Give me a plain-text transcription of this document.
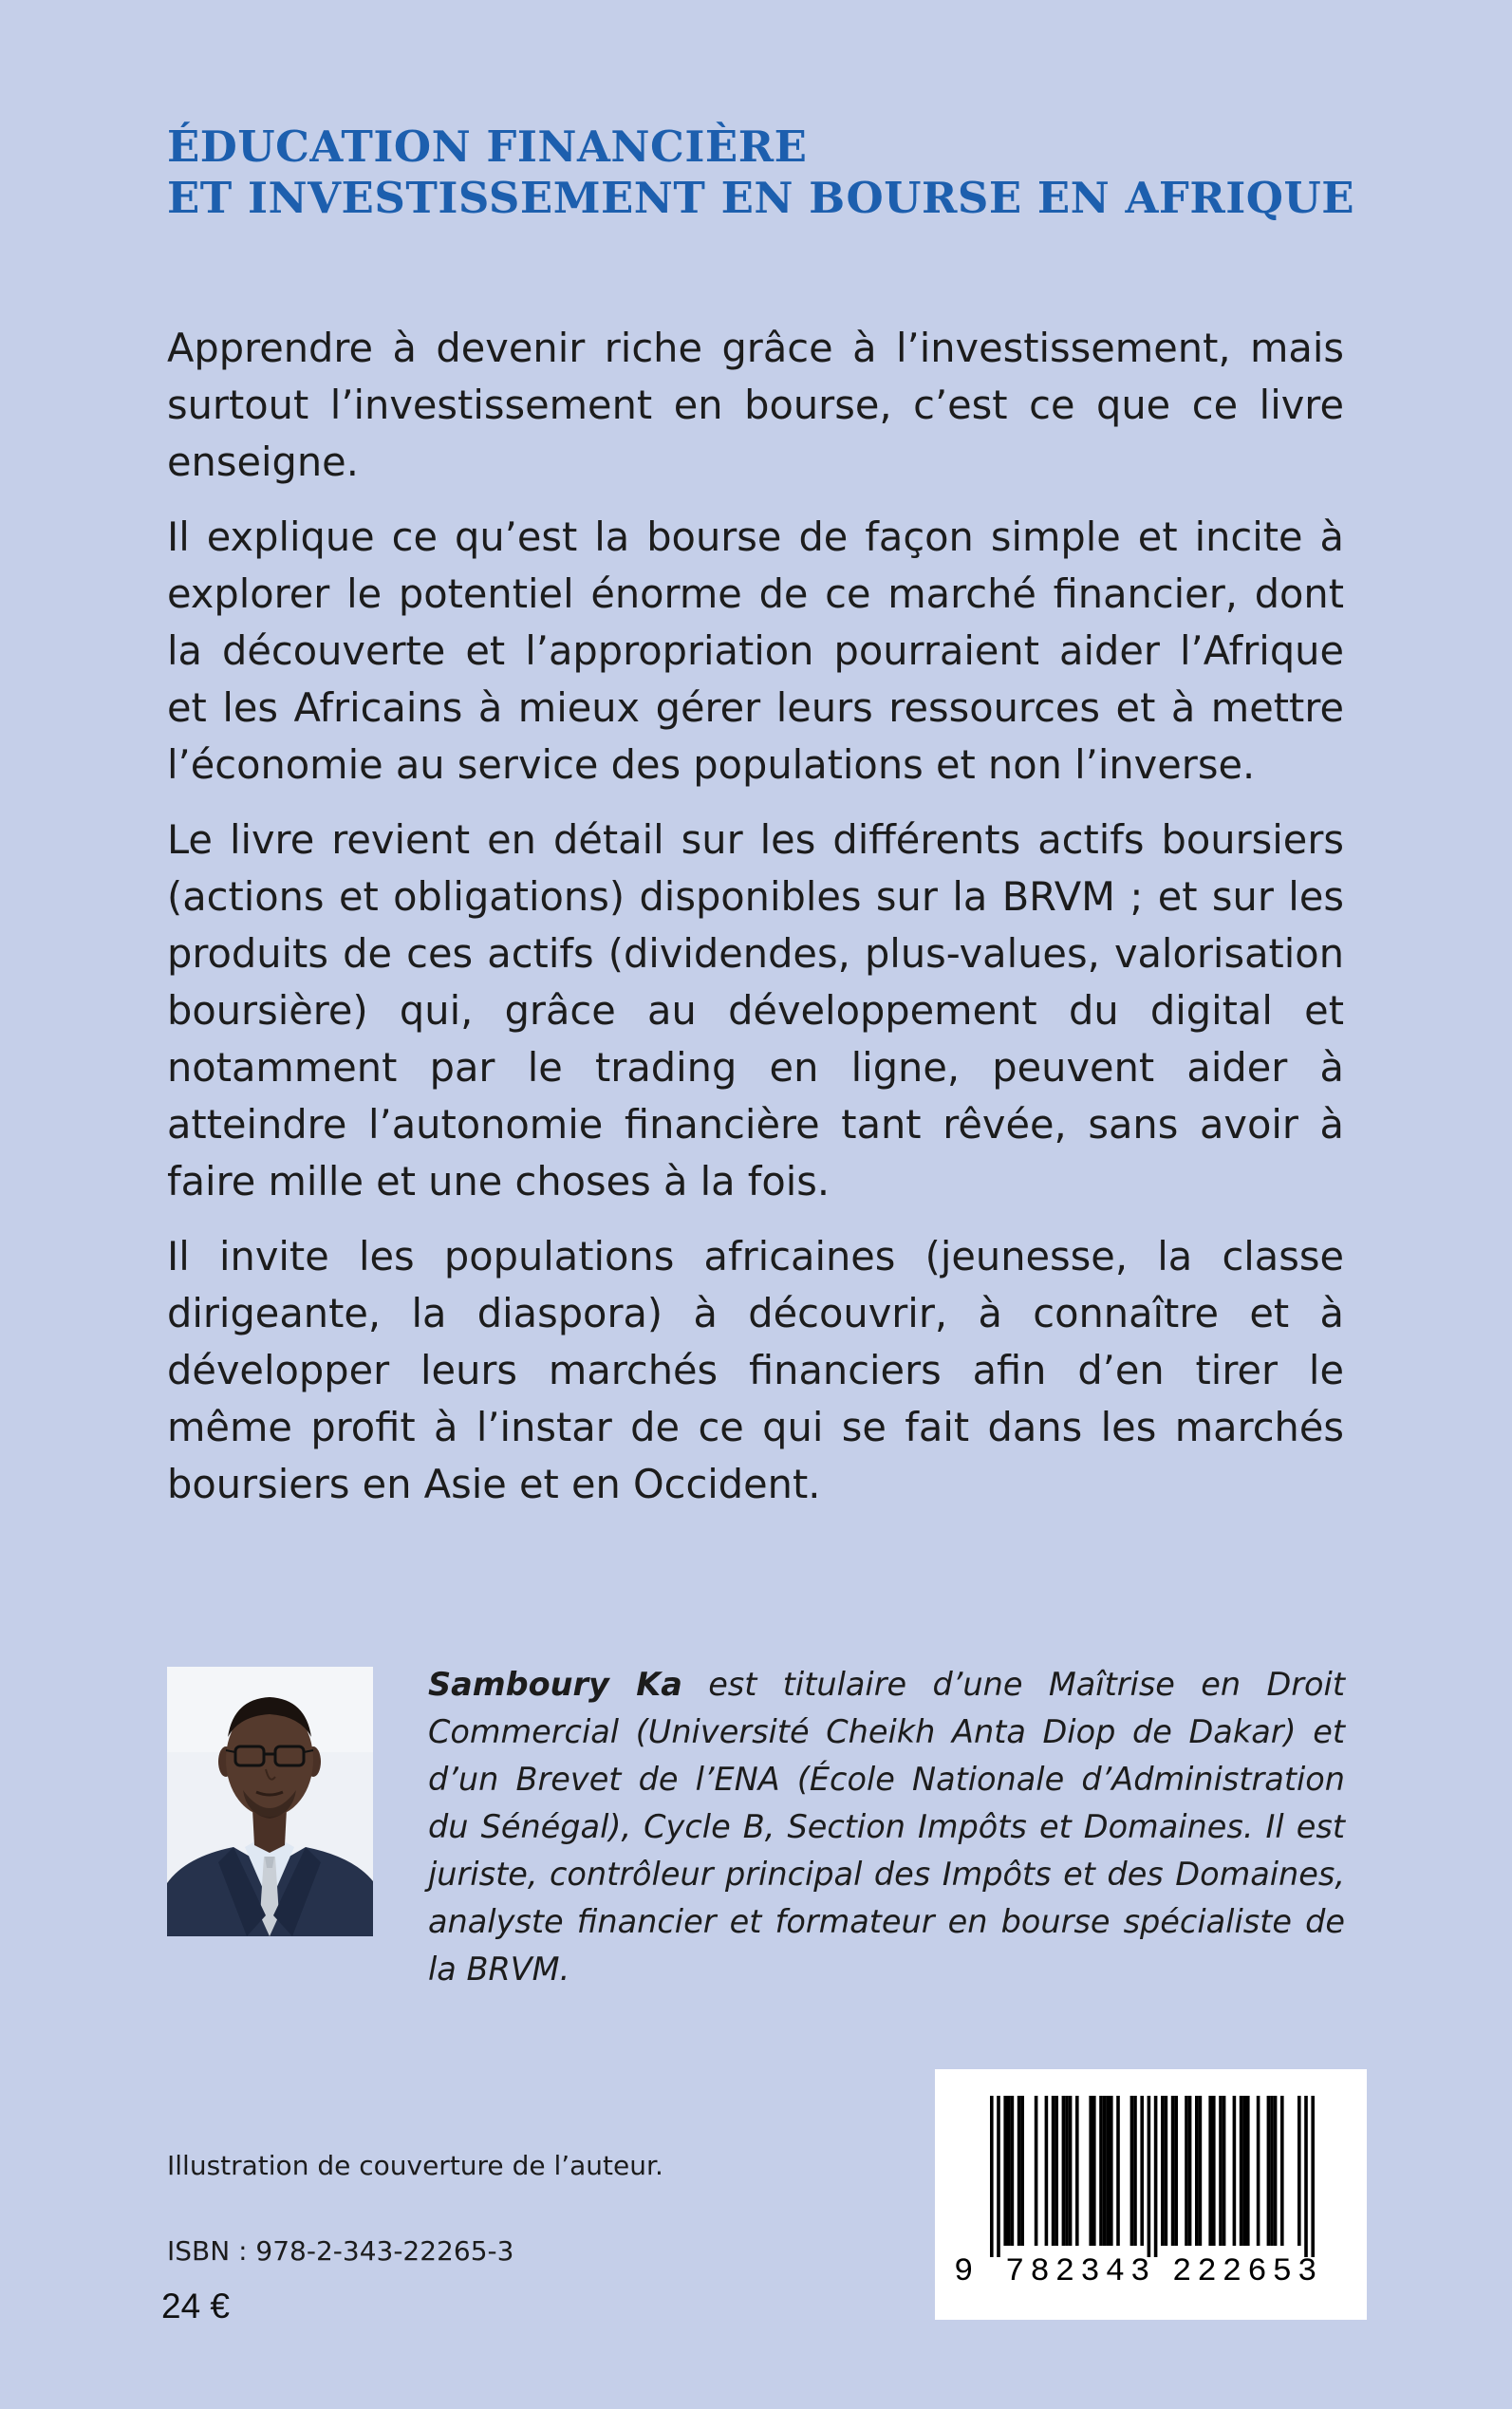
ÉDUCATION FINANCIÈRE
ET INVESTISSEMENT EN BOURSE EN AFRIQUE

Apprendre à devenir riche grâce à l’investissement, mais surtout l’investissement en bourse, c’est ce que ce livre enseigne.

Il explique ce qu’est la bourse de façon simple et incite à explorer le potentiel énorme de ce marché financier, dont la découverte et l’appropriation pourraient aider l’Afrique et les Africains à mieux gérer leurs ressources et à mettre l’économie au service des populations et non l’inverse.

Le livre revient en détail sur les différents actifs boursiers (actions et obligations) disponibles sur la BRVM ; et sur les produits de ces actifs (dividendes, plus-values, valorisation boursière) qui, grâce au développement du digital et notamment par le trading en ligne, peuvent aider à atteindre l’autonomie financière tant rêvée, sans avoir à faire mille et une choses à la fois.

Il invite les populations africaines (jeunesse, la classe dirigeante, la diaspora) à découvrir, à connaître et à développer leurs marchés financiers afin d’en tirer le même profit à l’instar de ce qui se fait dans les marchés boursiers en Asie et en Occident.

Samboury Ka est titulaire d’une Maîtrise en Droit Commercial (Université Cheikh Anta Diop de Dakar) et d’un Brevet de l’ENA (École Nationale d’Administration du Sénégal), Cycle B, Section Impôts et Domaines. Il est juriste, contrôleur principal des Impôts et des Domaines, analyste financier et formateur en bourse spécialiste de la BRVM.
Illustration de couverture de l’auteur.
ISBN : 978-2-343-22265-3
24 €
9 782343 222653
